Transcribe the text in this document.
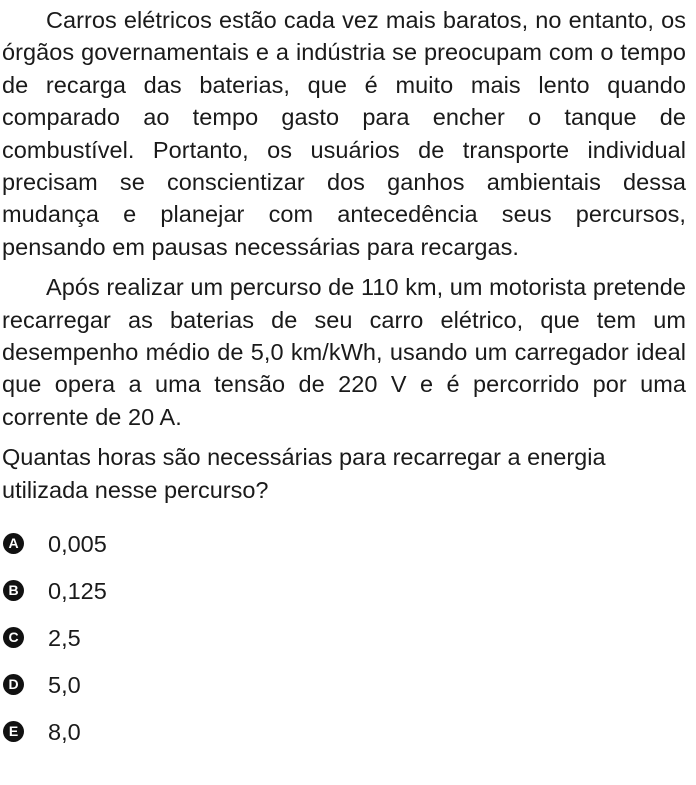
Carros elétricos estão cada vez mais baratos, no entanto, os órgãos governamentais e a indústria se preocupam com o tempo de recarga das baterias, que é muito mais lento quando comparado ao tempo gasto para encher o tanque de combustível. Portanto, os usuários de transporte individual precisam se conscientizar dos ganhos ambientais dessa mudança e planejar com antecedência seus percursos, pensando em pausas necessárias para recargas.

Após realizar um percurso de 110 km, um motorista pretende recarregar as baterias de seu carro elétrico, que tem um desempenho médio de 5,0 km/kWh, usando um carregador ideal que opera a uma tensão de 220 V e é percorrido por uma corrente de 20 A.

Quantas horas são necessárias para recarregar a energia utilizada nesse percurso?

A 0,005
B 0,125
C 2,5
D 5,0
E 8,0
